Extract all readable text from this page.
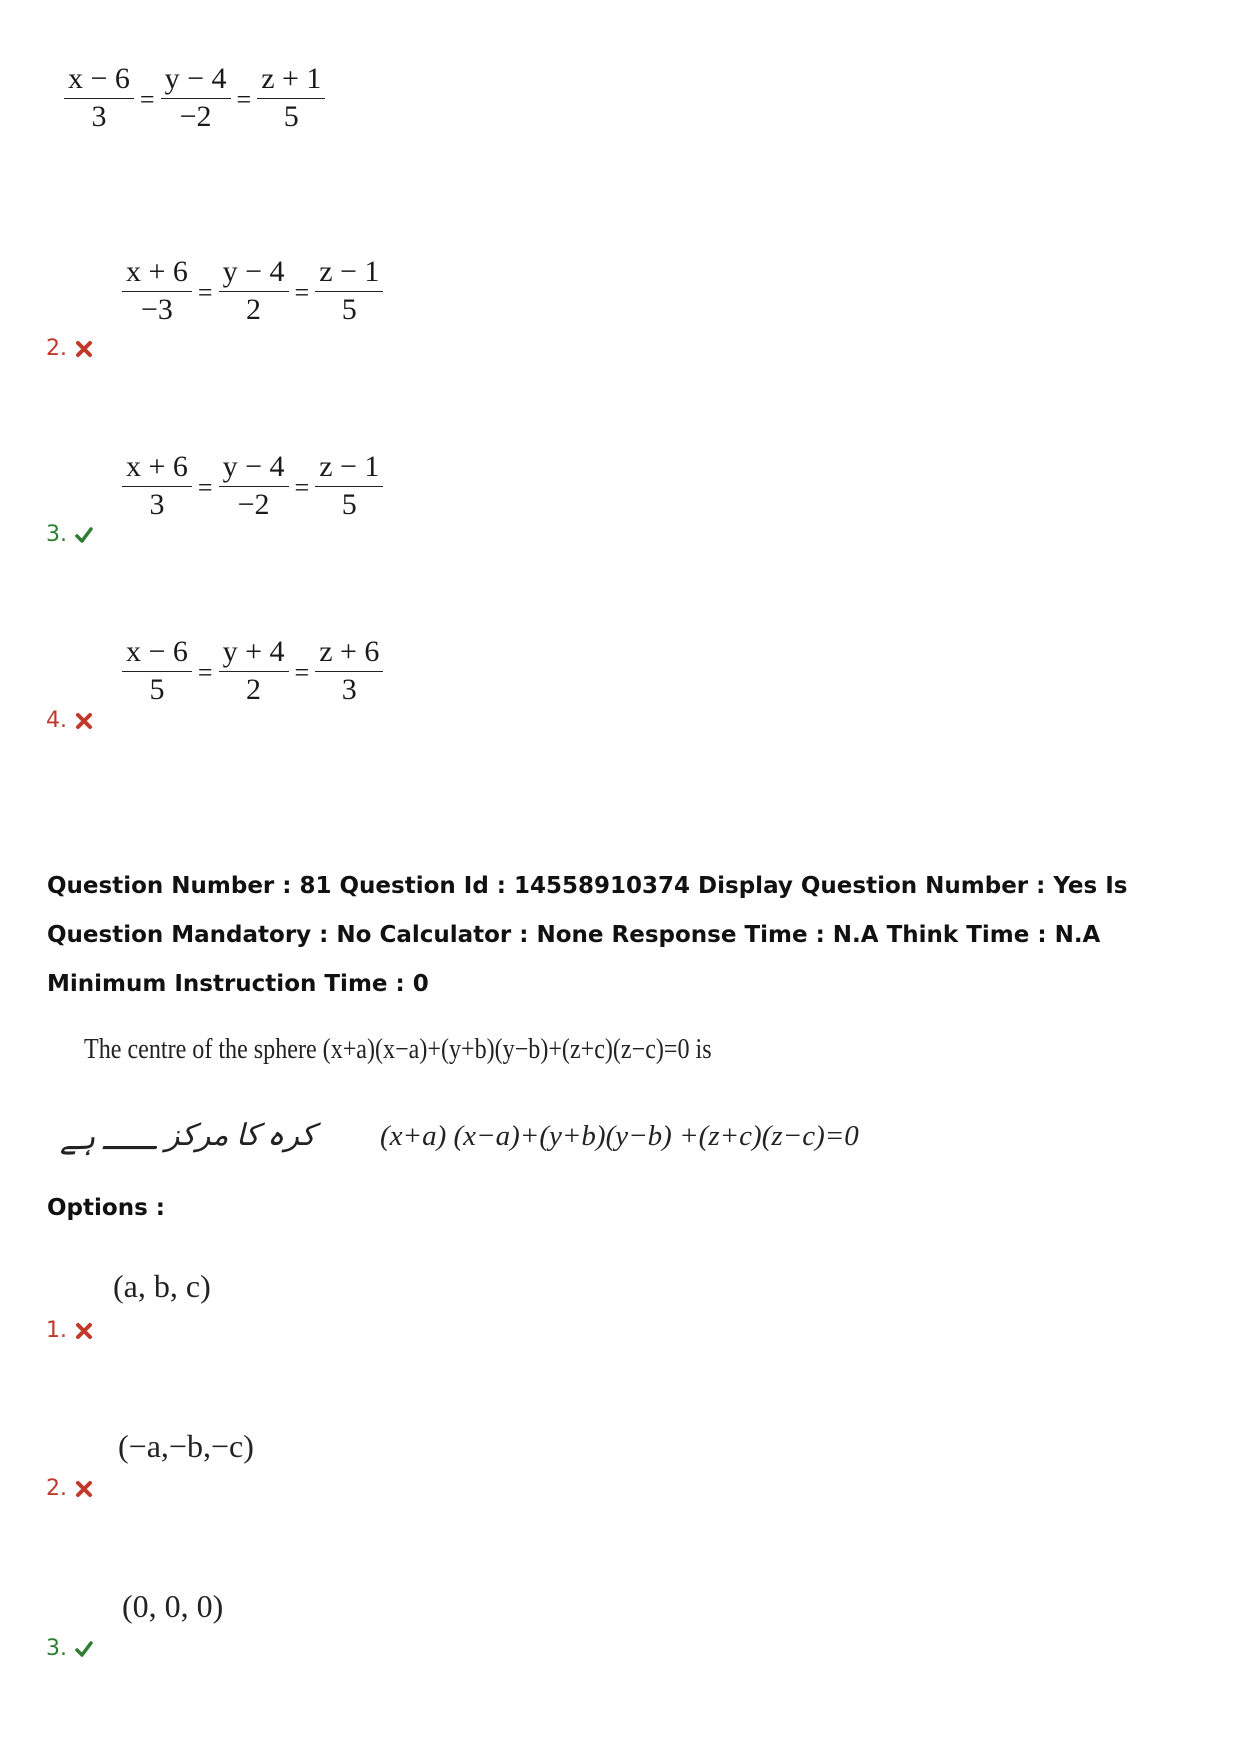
$\frac{x - 6}{3} = \frac{y - 4}{-2} = \frac{z + 1}{5}$
$\frac{x + 6}{-3} = \frac{y - 4}{2} = \frac{z - 1}{5}$
2.
$\frac{x + 6}{3} = \frac{y - 4}{-2} = \frac{z - 1}{5}$
3.
$\frac{x - 6}{5} = \frac{y + 4}{2} = \frac{z + 6}{3}$
4.
Question Number : 81 Question Id : 14558910374 Display Question Number : Yes Is Question Mandatory : No Calculator : None Response Time : N.A Think Time : N.A Minimum Instruction Time : 0
The centre of the sphere (x+a)(x−a)+(y+b)(y−b)+(z+c)(z−c)=0 is
ـــ ہے کرہ کا مرکز (x+a) (x−a)+(y+b)(y−b) +(z+c)(z−c)=0
Options :
(a, b, c)
1.
(−a,−b,−c)
2.
(0, 0, 0)
3.
